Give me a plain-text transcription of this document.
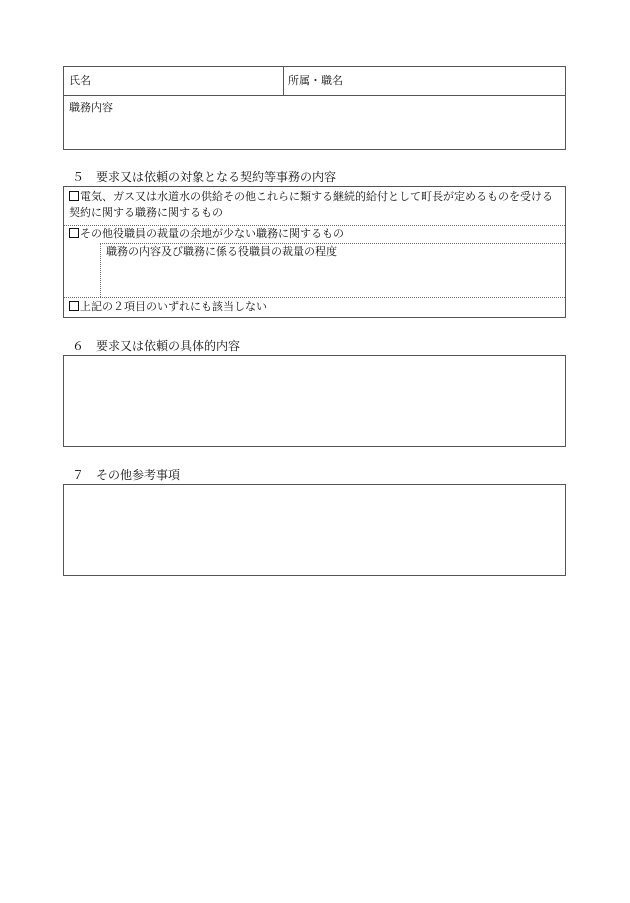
氏名	所属・職名
職務内容
５　要求又は依頼の対象となる契約等事務の内容
電気、ガス又は水道水の供給その他これらに類する継続的給付として町長が定めるものを受ける
契約に関する職務に関するもの
その他役職員の裁量の余地が少ない職務に関するもの
職務の内容及び職務に係る役職員の裁量の程度
上記の２項目のいずれにも該当しない
６　要求又は依頼の具体的内容
７　その他参考事項
